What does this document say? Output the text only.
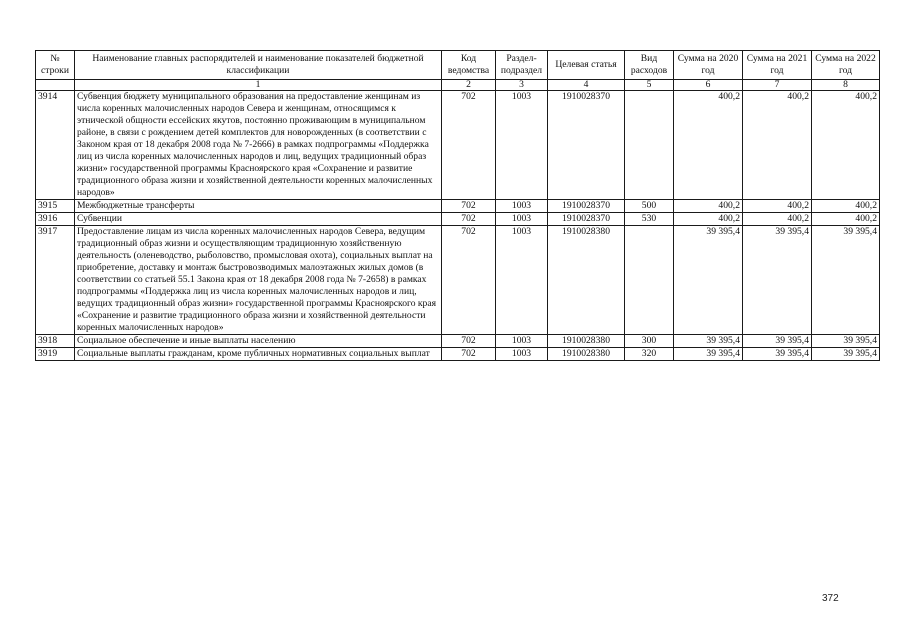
№ строки	Наименование главных распорядителей и наименование показателей бюджетной классификации	Код ведомства	Раздел-подраздел	Целевая статья	Вид расходов	Сумма на 2020 год	Сумма на 2021 год	Сумма на 2022 год
	1	2	3	4	5	6	7	8
3914	Субвенция бюджету муниципального образования на предоставление женщинам из числа коренных малочисленных народов Севера и женщинам, относящимся к этнической общности ессейских якутов, постоянно проживающим в муниципальном районе, в связи с рождением детей комплектов для новорожденных (в соответствии с Законом края от 18 декабря 2008 года № 7-2666) в рамках подпрограммы «Поддержка лиц из числа коренных малочисленных народов и лиц, ведущих традиционный образ жизни» государственной программы Красноярского края «Сохранение и развитие традиционного образа жизни и хозяйственной деятельности коренных малочисленных народов»	702	1003	1910028370		400,2	400,2	400,2
3915	Межбюджетные трансферты	702	1003	1910028370	500	400,2	400,2	400,2
3916	Субвенции	702	1003	1910028370	530	400,2	400,2	400,2
3917	Предоставление лицам из числа коренных малочисленных народов Севера, ведущим традиционный образ жизни и осуществляющим традиционную хозяйственную деятельность (оленеводство, рыболовство, промысловая охота), социальных выплат на приобретение, доставку и монтаж быстровозводимых малоэтажных жилых домов (в соответствии со статьей 55.1 Закона края от 18 декабря 2008 года № 7-2658) в рамках подпрограммы «Поддержка лиц из числа коренных малочисленных народов и лиц, ведущих традиционный образ жизни» государственной программы Красноярского края «Сохранение и развитие традиционного образа жизни и хозяйственной деятельности коренных малочисленных народов»	702	1003	1910028380		39 395,4	39 395,4	39 395,4
3918	Социальное обеспечение и иные выплаты населению	702	1003	1910028380	300	39 395,4	39 395,4	39 395,4
3919	Социальные выплаты гражданам, кроме публичных нормативных социальных выплат	702	1003	1910028380	320	39 395,4	39 395,4	39 395,4
372
